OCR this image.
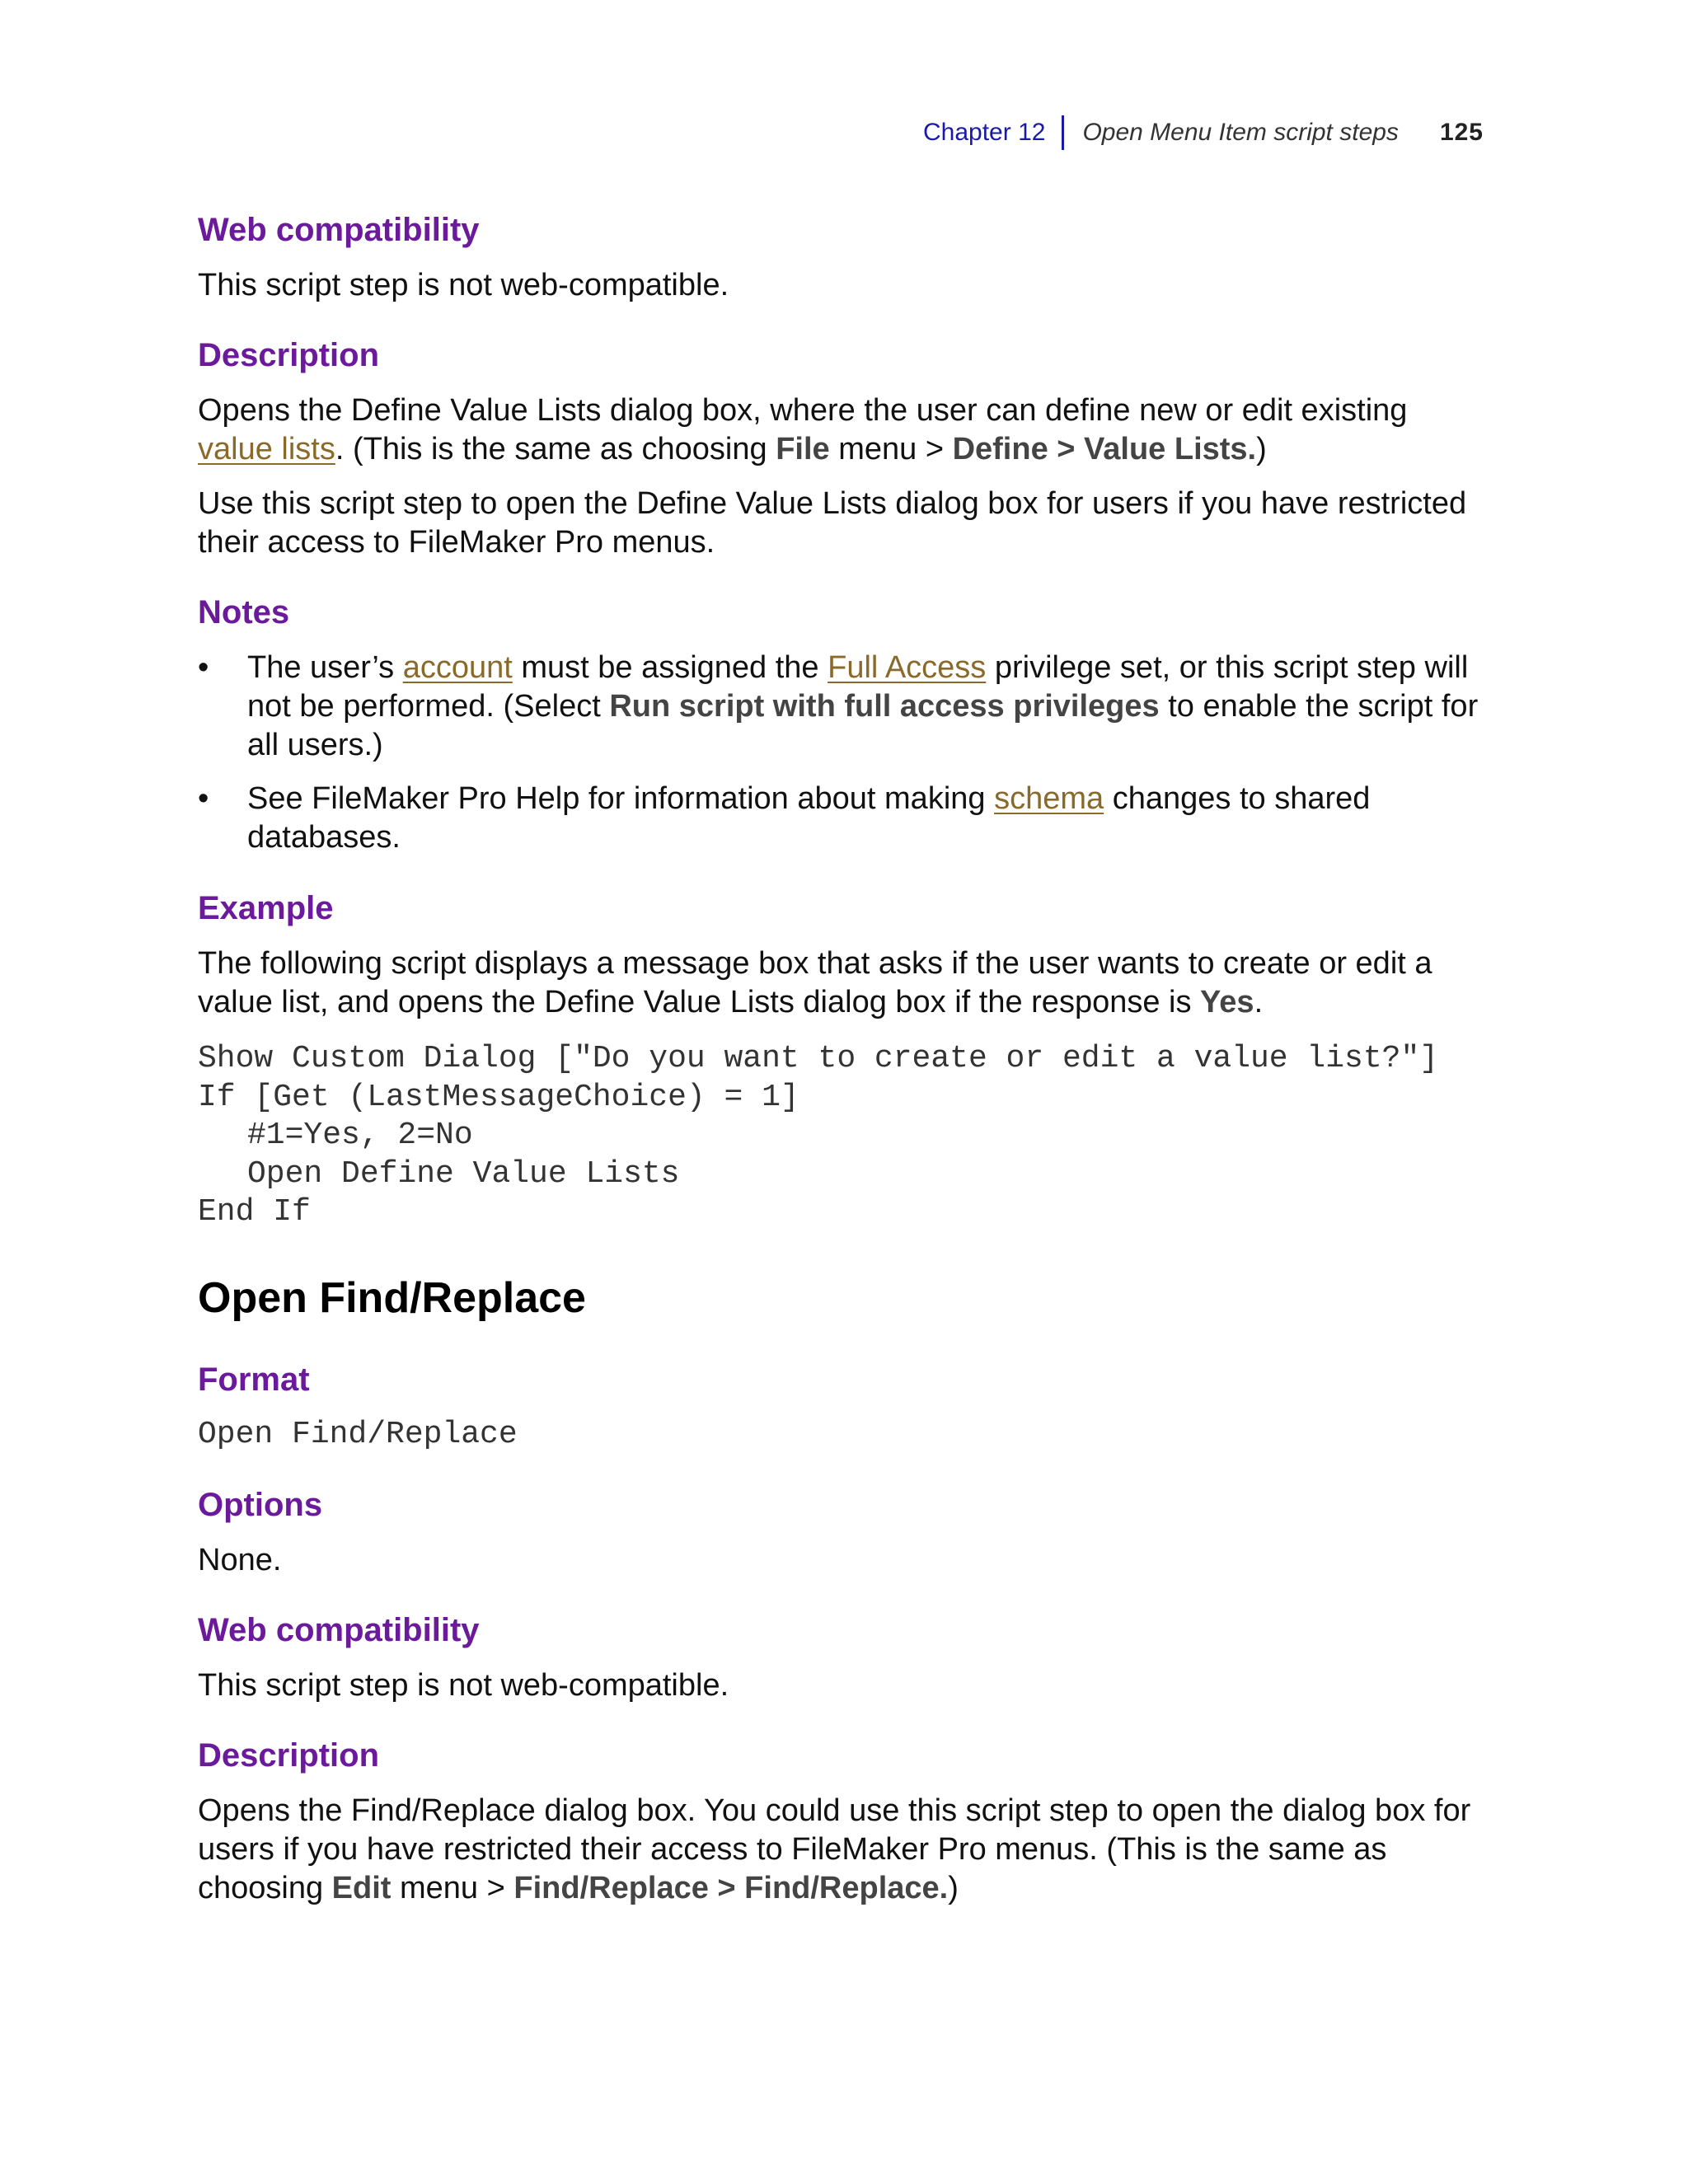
Chapter 12 Open Menu Item script steps 125
Web compatibility

This script step is not web-compatible.

Description

Opens the Define Value Lists dialog box, where the user can define new or edit existing value lists. (This is the same as choosing File menu > Define > Value Lists.)

Use this script step to open the Define Value Lists dialog box for users if you have restricted their access to FileMaker Pro menus.

Notes
• The user’s account must be assigned the Full Access privilege set, or this script step will not be performed. (Select Run script with full access privileges to enable the script for all users.)
• See FileMaker Pro Help for information about making schema changes to shared databases.
Example

The following script displays a message box that asks if the user wants to create or edit a value list, and opens the Define Value Lists dialog box if the response is Yes.

Show Custom Dialog ["Do you want to create or edit a value list?"]
If [Get (LastMessageChoice) = 1]
#1=Yes, 2=No
Open Define Value Lists

End If
Open Find/Replace
Format
Open Find/Replace
Options

None.

Web compatibility

This script step is not web-compatible.

Description

Opens the Find/Replace dialog box. You could use this script step to open the dialog box for users if you have restricted their access to FileMaker Pro menus. (This is the same as choosing Edit menu > Find/Replace > Find/Replace.)
